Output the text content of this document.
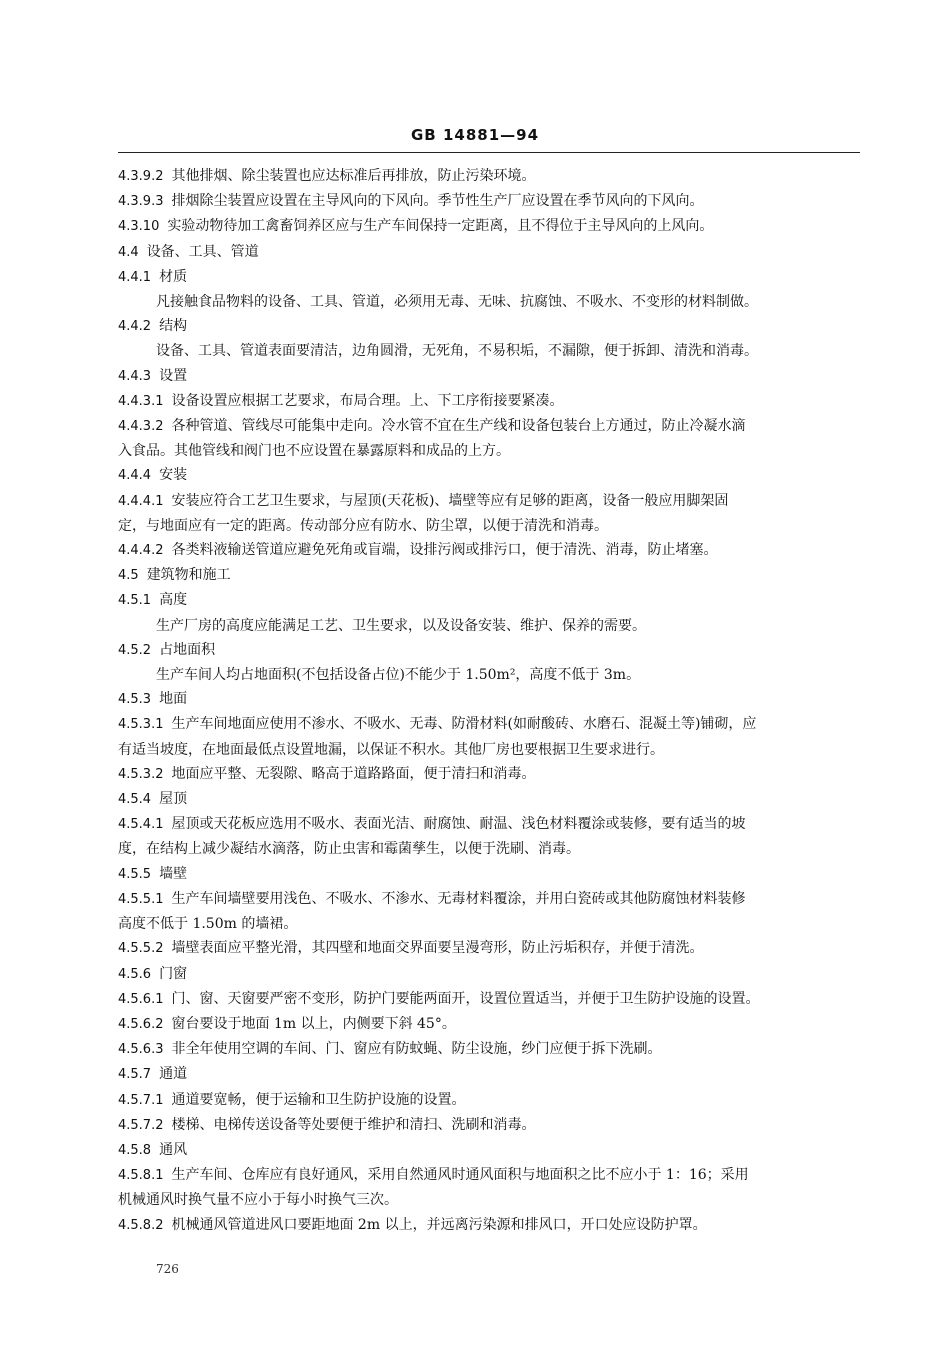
GB 14881—94
4.3.9.2 其他排烟、除尘装置也应达标准后再排放，防止污染环境。
4.3.9.3 排烟除尘装置应设置在主导风向的下风向。季节性生产厂应设置在季节风向的下风向。
4.3.10 实验动物待加工禽畜饲养区应与生产车间保持一定距离，且不得位于主导风向的上风向。
4.4 设备、工具、管道
4.4.1 材质
凡接触食品物料的设备、工具、管道，必须用无毒、无味、抗腐蚀、不吸水、不变形的材料制做。
4.4.2 结构
设备、工具、管道表面要清洁，边角圆滑，无死角，不易积垢，不漏隙，便于拆卸、清洗和消毒。
4.4.3 设置
4.4.3.1 设备设置应根据工艺要求，布局合理。上、下工序衔接要紧凑。
4.4.3.2 各种管道、管线尽可能集中走向。冷水管不宜在生产线和设备包装台上方通过，防止冷凝水滴
入食品。其他管线和阀门也不应设置在暴露原料和成品的上方。
4.4.4 安装
4.4.4.1 安装应符合工艺卫生要求，与屋顶(天花板)、墙壁等应有足够的距离，设备一般应用脚架固
定，与地面应有一定的距离。传动部分应有防水、防尘罩，以便于清洗和消毒。
4.4.4.2 各类料液输送管道应避免死角或盲端，设排污阀或排污口，便于清洗、消毒，防止堵塞。
4.5 建筑物和施工
4.5.1 高度
生产厂房的高度应能满足工艺、卫生要求，以及设备安装、维护、保养的需要。
4.5.2 占地面积
生产车间人均占地面积(不包括设备占位)不能少于 1.50m²，高度不低于 3m。
4.5.3 地面
4.5.3.1 生产车间地面应使用不渗水、不吸水、无毒、防滑材料(如耐酸砖、水磨石、混凝土等)铺砌，应
有适当坡度，在地面最低点设置地漏，以保证不积水。其他厂房也要根据卫生要求进行。
4.5.3.2 地面应平整、无裂隙、略高于道路路面，便于清扫和消毒。
4.5.4 屋顶
4.5.4.1 屋顶或天花板应选用不吸水、表面光洁、耐腐蚀、耐温、浅色材料覆涂或装修，要有适当的坡
度，在结构上减少凝结水滴落，防止虫害和霉菌孳生，以便于洗刷、消毒。
4.5.5 墙壁
4.5.5.1 生产车间墙壁要用浅色、不吸水、不渗水、无毒材料覆涂，并用白瓷砖或其他防腐蚀材料装修
高度不低于 1.50m 的墙裙。
4.5.5.2 墙壁表面应平整光滑，其四壁和地面交界面要呈漫弯形，防止污垢积存，并便于清洗。
4.5.6 门窗
4.5.6.1 门、窗、天窗要严密不变形，防护门要能两面开，设置位置适当，并便于卫生防护设施的设置。
4.5.6.2 窗台要设于地面 1m 以上，内侧要下斜 45°。
4.5.6.3 非全年使用空调的车间、门、窗应有防蚊蝇、防尘设施，纱门应便于拆下洗刷。
4.5.7 通道
4.5.7.1 通道要宽畅，便于运输和卫生防护设施的设置。
4.5.7.2 楼梯、电梯传送设备等处要便于维护和清扫、洗刷和消毒。
4.5.8 通风
4.5.8.1 生产车间、仓库应有良好通风，采用自然通风时通风面积与地面积之比不应小于 1：16；采用
机械通风时换气量不应小于每小时换气三次。
4.5.8.2 机械通风管道进风口要距地面 2m 以上，并远离污染源和排风口，开口处应设防护罩。
726
